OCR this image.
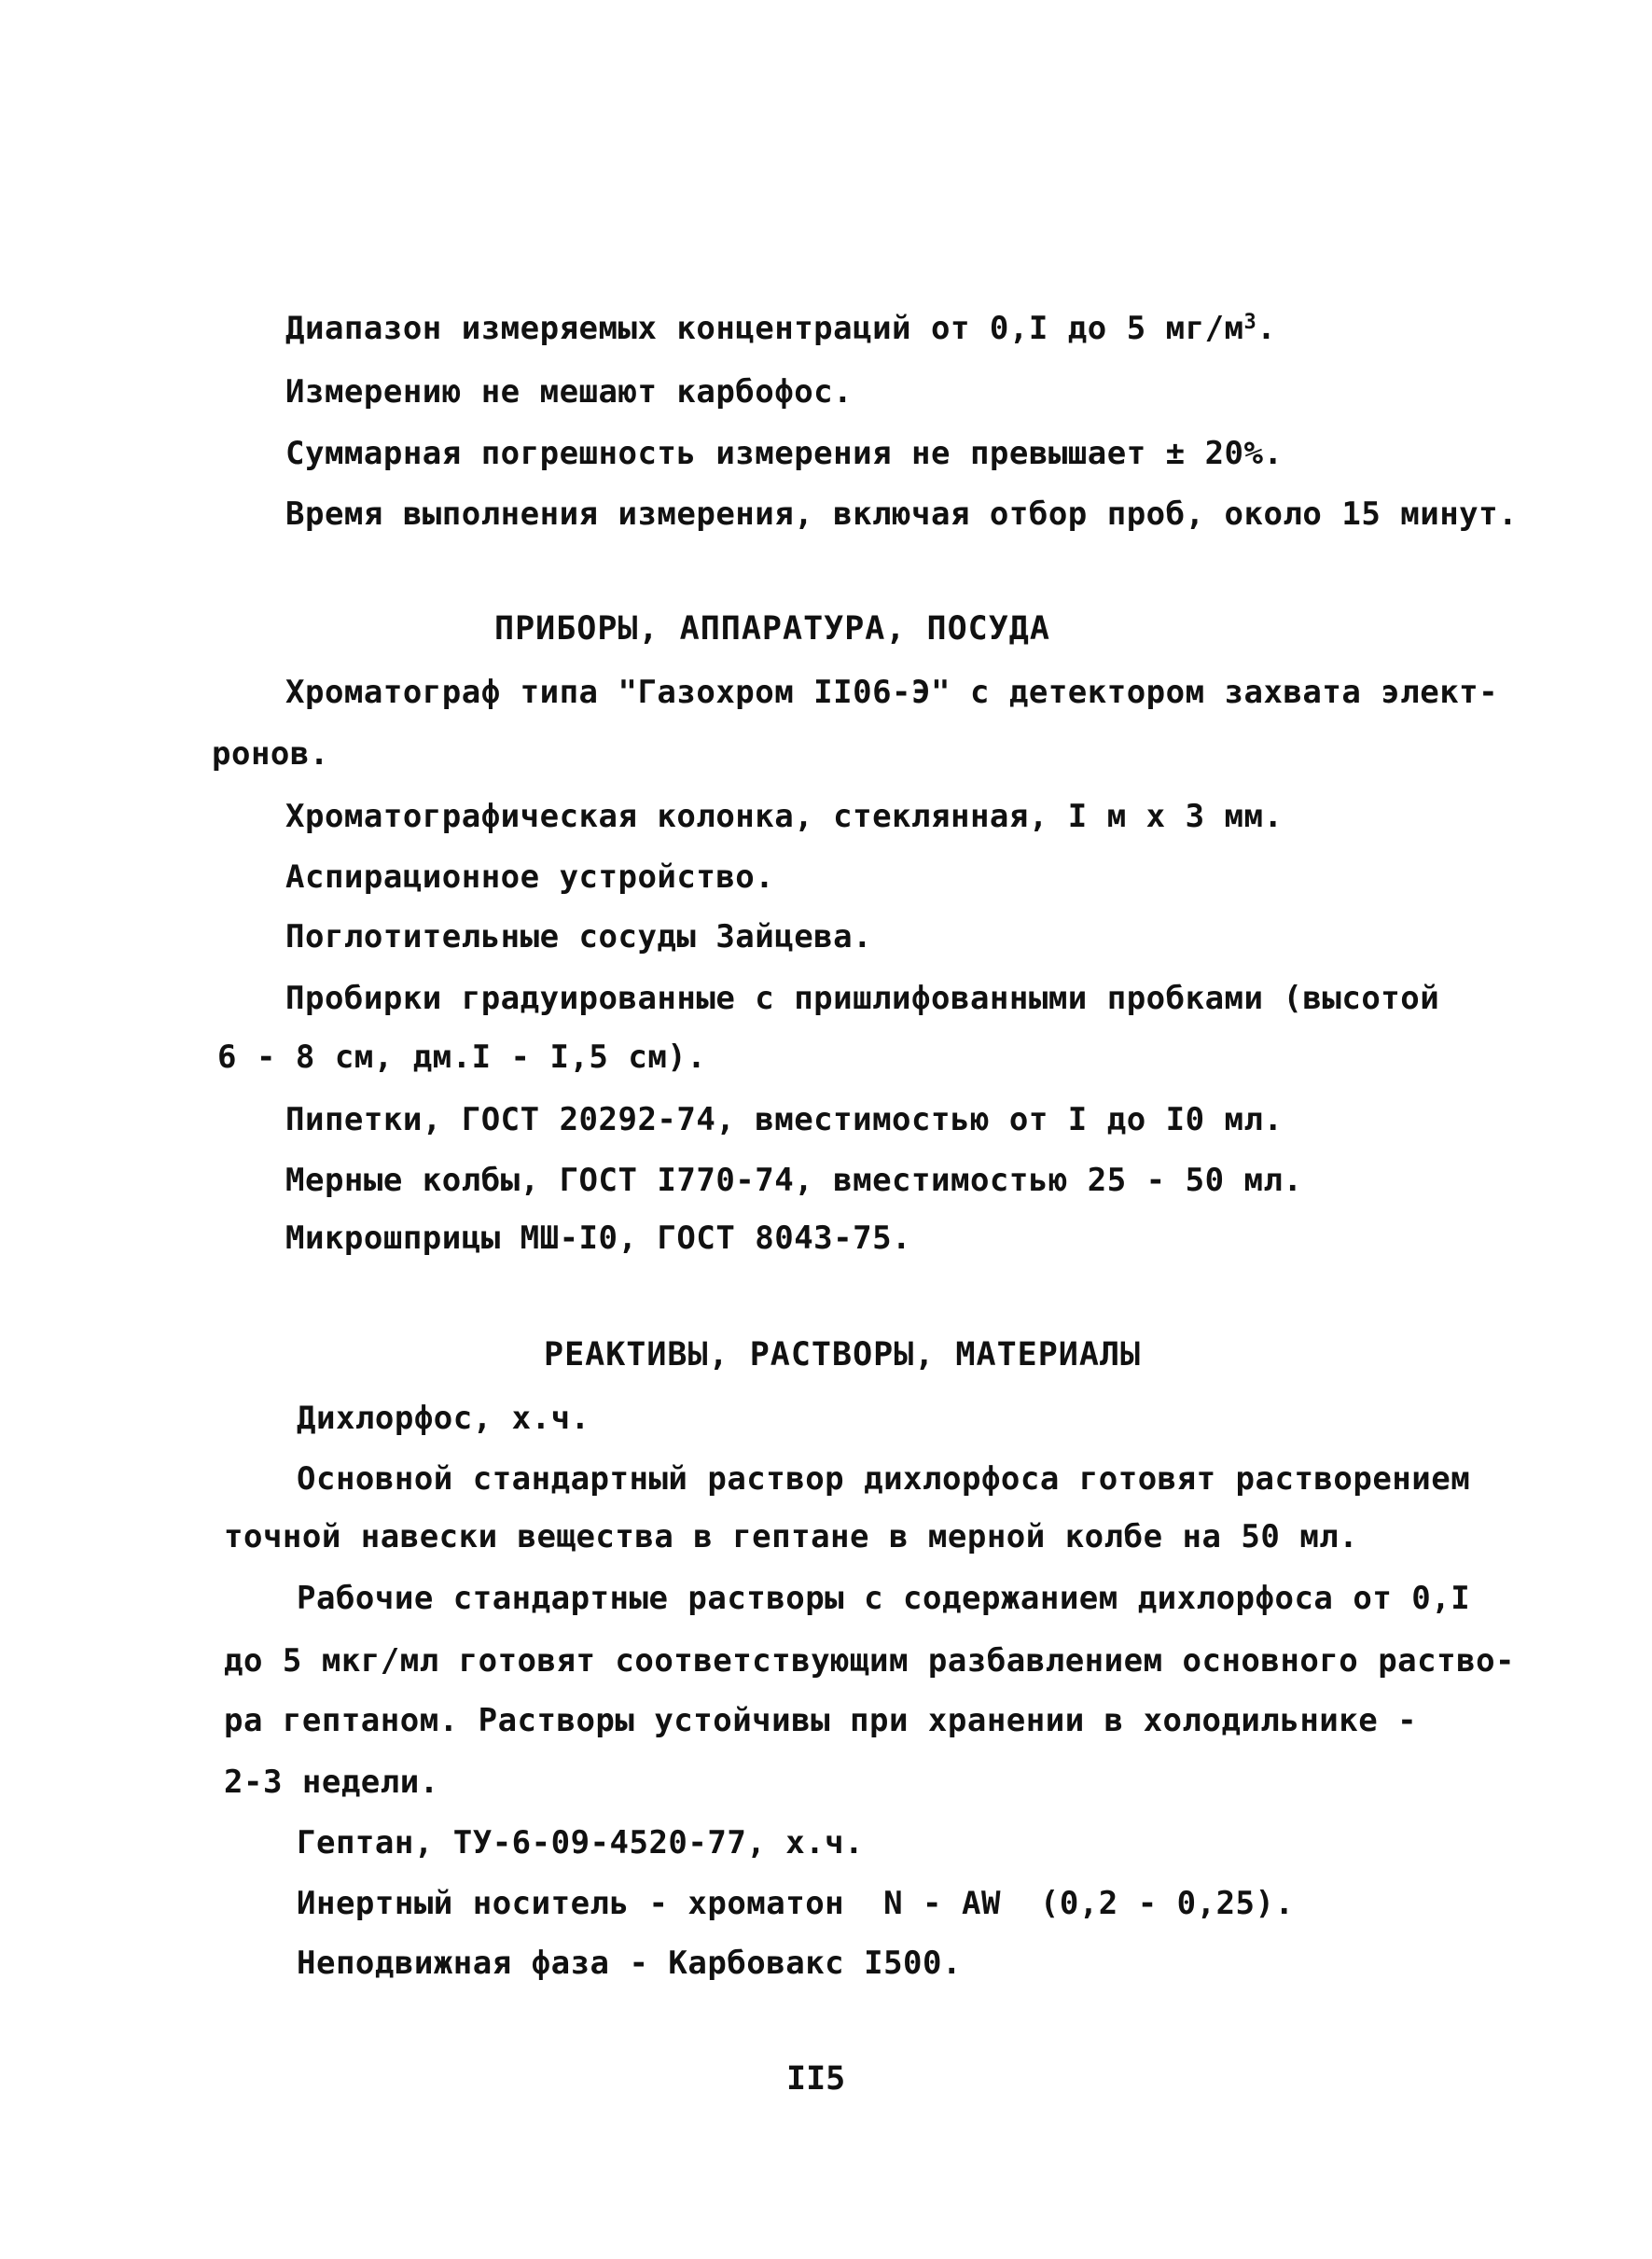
Диапазон измеряемых концентраций от 0,I до 5 $мг/м^3$.
Измерению не мешают карбофос.
Суммарная погрешность измерения не превышает ± 20%.
Время выполнения измерения, включая отбор проб, около 15 минут.
ПРИБОРЫ, АППАРАТУРА, ПОСУДА
Хроматограф типа "Газохром II06-Э" с детектором захвата элект-
ронов.
Хроматографическая колонка, стеклянная, I м x 3 мм.
Аспирационное устройство.
Поглотительные сосуды Зайцева.
Пробирки градуированные с пришлифованными пробками (высотой
6 - 8 см, дм.I - I,5 см).
Пипетки, ГОСТ 20292-74, вместимостью от I до I0 мл.
Мерные колбы, ГОСТ I770-74, вместимостью 25 - 50 мл.
Микрошприцы МШ-I0, ГОСТ 8043-75.
РЕАКТИВЫ, РАСТВОРЫ, МАТЕРИАЛЫ
Дихлорфос, х.ч.
Основной стандартный раствор дихлорфоса готовят растворением
точной навески вещества в гептане в мерной колбе на 50 мл.
Рабочие стандартные растворы с содержанием дихлорфоса от 0,I
до 5 мкг/мл готовят соответствующим разбавлением основного раство-
ра гептаном. Растворы устойчивы при хранении в холодильнике -
2-3 недели.
Гептан, ТУ-6-09-4520-77, х.ч.
Инертный носитель - хроматон  N - AW  (0,2 - 0,25).
Неподвижная фаза - Карбовакс I500.
II5
